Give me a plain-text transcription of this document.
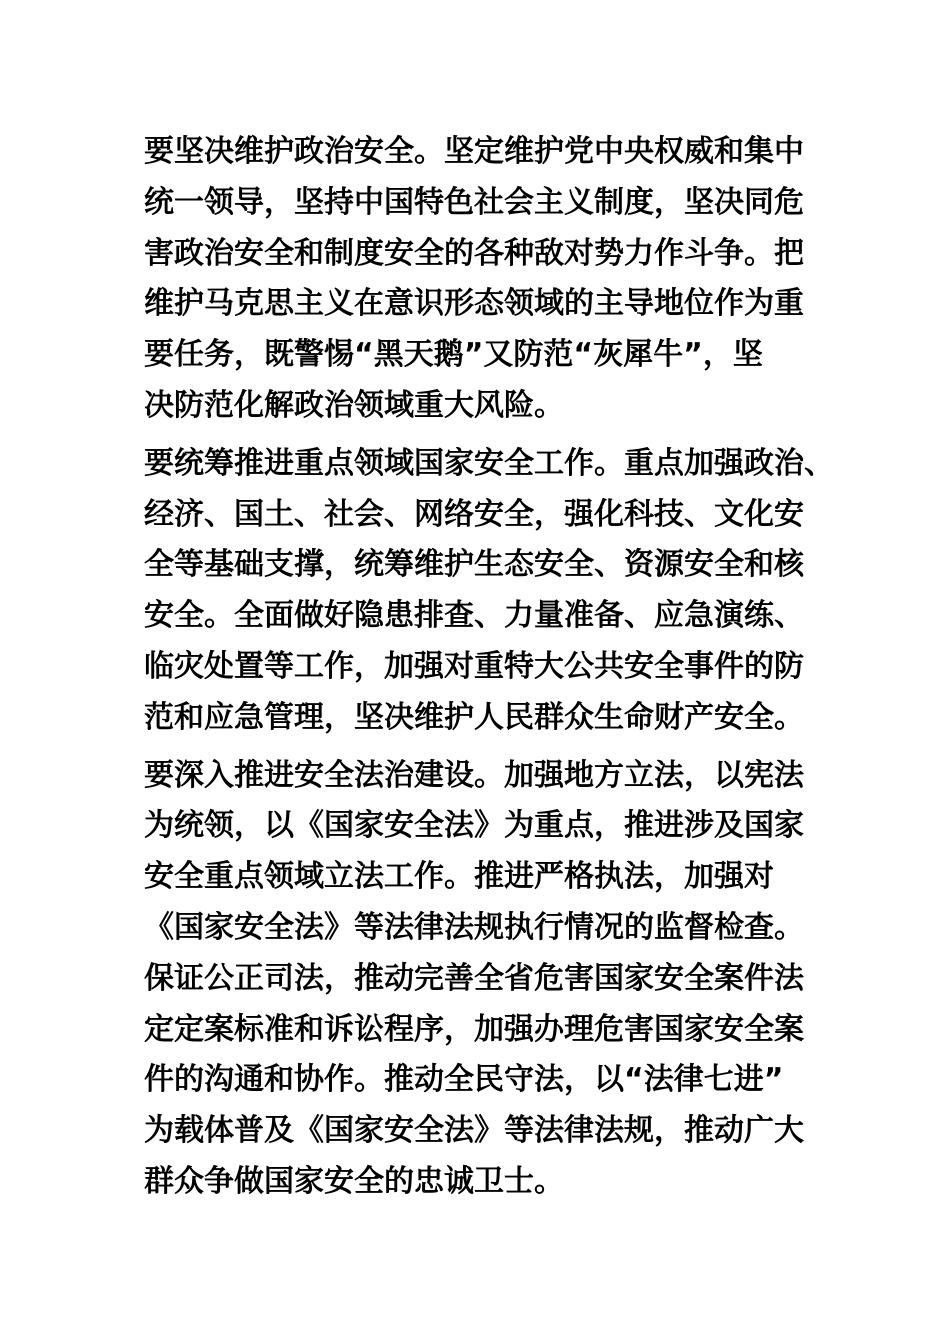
要坚决维护政治安全。坚定维护党中央权威和集中
统一领导，坚持中国特色社会主义制度，坚决同危
害政治安全和制度安全的各种敌对势力作斗争。把
维护马克思主义在意识形态领域的主导地位作为重
要任务，既警惕“黑天鹅”又防范“灰犀牛”，坚
决防范化解政治领域重大风险。
要统筹推进重点领域国家安全工作。重点加强政治、
经济、国土、社会、网络安全，强化科技、文化安
全等基础支撑，统筹维护生态安全、资源安全和核
安全。全面做好隐患排查、力量准备、应急演练、
临灾处置等工作，加强对重特大公共安全事件的防
范和应急管理，坚决维护人民群众生命财产安全。
要深入推进安全法治建设。加强地方立法，以宪法
为统领，以《国家安全法》为重点，推进涉及国家
安全重点领域立法工作。推进严格执法，加强对
《国家安全法》等法律法规执行情况的监督检查。
保证公正司法，推动完善全省危害国家安全案件法
定定案标准和诉讼程序，加强办理危害国家安全案
件的沟通和协作。推动全民守法，以“法律七进”
为载体普及《国家安全法》等法律法规，推动广大
群众争做国家安全的忠诚卫士。
